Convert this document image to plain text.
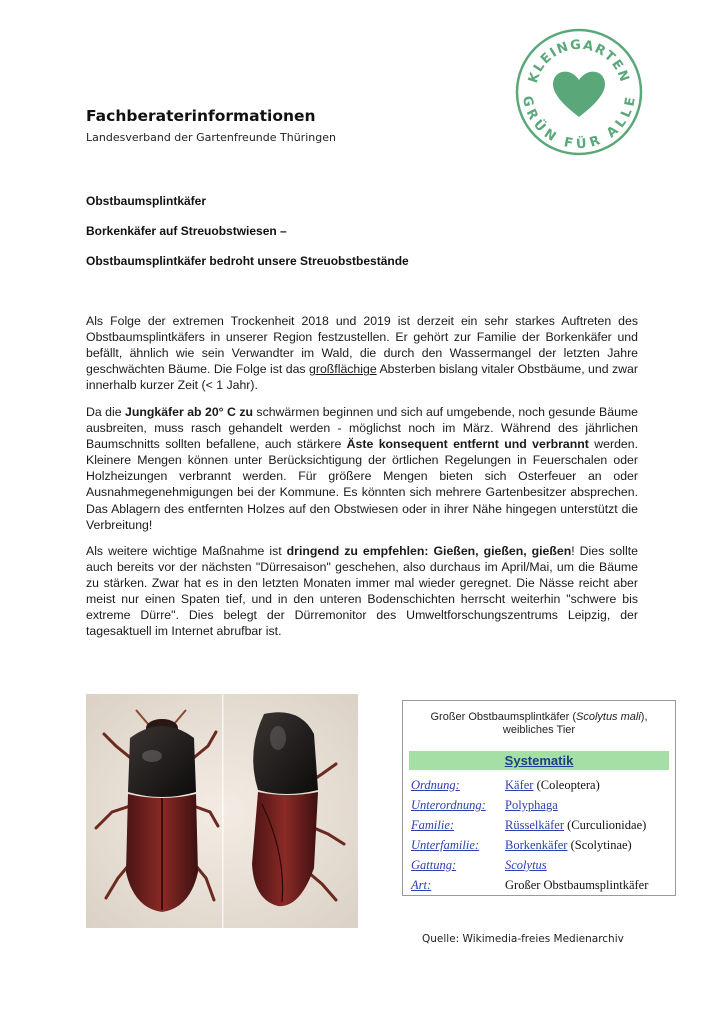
KLEINGARTEN
GRÜN FÜR ALLE
Fachberaterinformationen
Landesverband der Gartenfreunde Thüringen
Obstbaumsplintkäfer
Borkenkäfer auf Streuobstwiesen –
Obstbaumsplintkäfer bedroht unsere Streuobstbestände

Als Folge der extremen Trockenheit 2018 und 2019 ist derzeit ein sehr starkes Auftreten des Obstbaumsplintkäfers in unserer Region festzustellen. Er gehört zur Familie der Borkenkäfer und befällt, ähnlich wie sein Verwandter im Wald, die durch den Wassermangel der letzten Jahre geschwächten Bäume. Die Folge ist das großflächige Absterben bislang vitaler Obstbäume, und zwar innerhalb kurzer Zeit (< 1 Jahr).

Da die Jungkäfer ab 20° C zu schwärmen beginnen und sich auf umgebende, noch gesunde Bäume ausbreiten, muss rasch gehandelt werden - möglichst noch im März. Während des jährlichen Baumschnitts sollten befallene, auch stärkere Äste konsequent entfernt und verbrannt werden. Kleinere Mengen können unter Berücksichtigung der örtlichen Regelungen in Feuerschalen oder Holzheizungen verbrannt werden. Für größere Mengen bieten sich Osterfeuer an oder Ausnahmegenehmigungen bei der Kommune. Es könnten sich mehrere Gartenbesitzer absprechen. Das Ablagern des entfernten Holzes auf den Obstwiesen oder in ihrer Nähe hingegen unterstützt die Verbreitung!

Als weitere wichtige Maßnahme ist dringend zu empfehlen: Gießen, gießen, gießen! Dies sollte auch bereits vor der nächsten "Dürresaison" geschehen, also durchaus im April/Mai, um die Bäume zu stärken. Zwar hat es in den letzten Monaten immer mal wieder geregnet. Die Nässe reicht aber meist nur einen Spaten tief, und in den unteren Bodenschichten herrscht weiterhin "schwere bis extreme Dürre". Dies belegt der Dürremonitor des Umweltforschungszentrums Leipzig, der tagesaktuell im Internet abrufbar ist.

Großer Obstbaumsplintkäfer (Scolytus mali),
weibliches Tier
Systematik
Ordnung:	Käfer (Coleoptera)
Unterordnung: Polyphaga
Familie:	Rüsselkäfer (Curculionidae)
Unterfamilie: Borkenkäfer (Scolytinae)
Gattung:	Scolytus
Art:	Großer Obstbaumsplintkäfer
Quelle: Wikimedia-freies Medienarchiv
